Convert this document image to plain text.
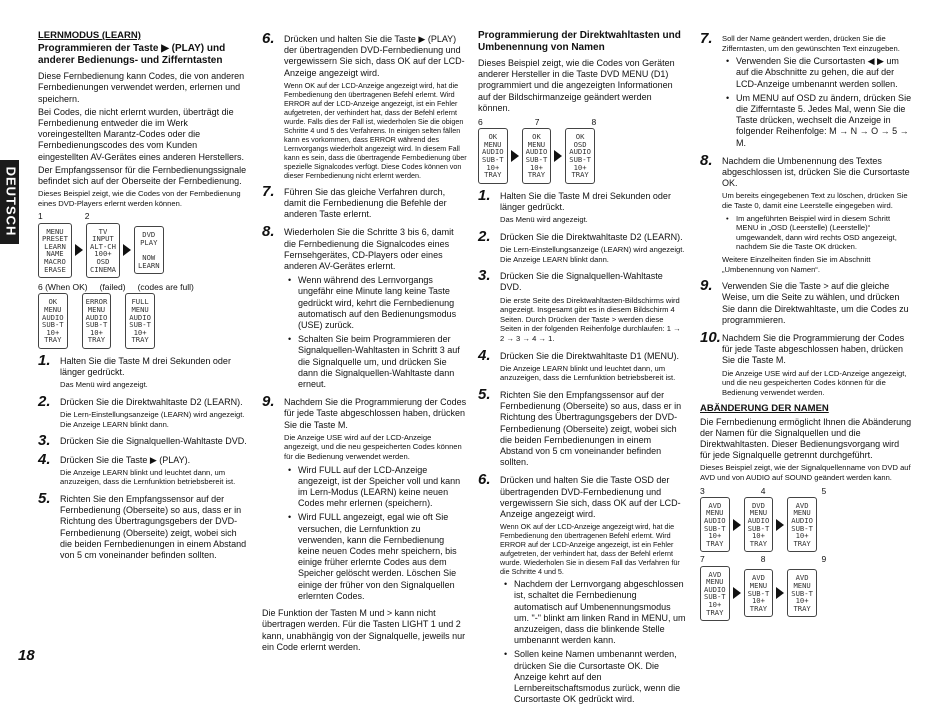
DEUTSCH
18
LERNMODUS (LEARN)
Programmieren der Taste ▶ (PLAY) und anderer Bedienungs- und Zifferntasten

Diese Fernbedienung kann Codes, die von anderen Fernbedienungen verwendet werden, erlernen und speichern.

Bei Codes, die nicht erlernt wurden, überträgt die Fernbedienung entweder die im Werk voreingestellten Marantz-Codes oder die Fernbedienungscodes des vom Kunden eingestellten AV-Gerätes eines anderen Herstellers.

Der Empfangssensor für die Fernbedienungssignale befindet sich auf der Oberseite der Fernbedienung.

Dieses Beispiel zeigt, wie die Codes von der Fernbedienung eines DVD-Players erlernt werden können.

1	2
MENU
PRESET
LEARN
NAME
MACRO
ERASE
TV
INPUT
ALT-CH
100+
OSD
CINEMA
DVD
PLAY

NOW
LEARN
6 (When OK) (failed) (codes are full)
OK
MENU
AUDIO
SUB-T
10+
TRAY
ERROR
MENU
AUDIO
SUB-T
10+
TRAY
FULL
MENU
AUDIO
SUB-T
10+
TRAY
1. Halten Sie die Taste M drei Sekunden oder länger gedrückt.

Das Menü wird angezeigt.

2. Drücken Sie die Direktwahltaste D2 (LEARN).

Die Lern-Einstellungsanzeige (LEARN) wird angezeigt. Die Anzeige LEARN blinkt dann.

3. Drücken Sie die Signalquellen-Wahltaste DVD.

4. Drücken Sie die Taste ▶ (PLAY).

Die Anzeige LEARN blinkt und leuchtet dann, um anzuzeigen, dass die Lernfunktion betriebsbereit ist.

5. Richten Sie den Empfangssensor auf der Fernbedienung (Oberseite) so aus, dass er in Richtung des Übertragungsgebers der DVD-Fernbedienung (Oberseite) zeigt, wobei sich die beiden Fernbedienungen in einem Abstand von 5 cm voneinander befinden sollten.

6. Drücken und halten Sie die Taste ▶ (PLAY) der übertragenden DVD-Fernbedienung und vergewissern Sie sich, dass OK auf der LCD-Anzeige angezeigt wird.

Wenn OK auf der LCD-Anzeige angezeigt wird, hat die Fernbedienung den übertragenen Befehl erlernt. Wird ERROR auf der LCD-Anzeige angezeigt, ist ein Fehler aufgetreten, der verhindert hat, dass der Befehl erlernt wurde. Falls dies der Fall ist, wiederholen Sie die obigen Schritte 4 und 5 des Verfahrens. In einigen selten fällen kann es vorkommen, dass ERROR während des Lernvorgangs wiederholt angezeigt wird. In diesem Fall kann es sein, dass die übertragende Fernbedienung über spezielle Signalcodes verfügt. Diese Codes können von dieser Fernbedienung nicht erlernt werden.

7. Führen Sie das gleiche Verfahren durch, damit die Fernbedienung die Befehle der anderen Taste erlernt.

8. Wiederholen Sie die Schritte 3 bis 6, damit die Fernbedienung die Signalcodes eines Fernsehgerätes, CD-Players oder eines anderen AV-Gerätes erlernt.

• Wenn während des Lernvorgangs ungefähr eine Minute lang keine Taste gedrückt wird, kehrt die Fernbedienung automatisch auf den Bedienungsmodus (USE) zurück.
• Schalten Sie beim Programmieren der Signalquellen-Wahltasten in Schritt 3 auf die Signalquelle um, und drücken Sie dann die Signalquellen-Wahltaste dann erneut.
9. Nachdem Sie die Programmierung der Codes für jede Taste abgeschlossen haben, drücken Sie die Taste M.

Die Anzeige USE wird auf der LCD-Anzeige angezeigt, und die neu gespeicherten Codes können für die Bedienung verwendet werden.

• Wird FULL auf der LCD-Anzeige angezeigt, ist der Speicher voll und kann im Lern-Modus (LEARN) keine neuen Codes mehr erlernen (speichern).
• Wird FULL angezeigt, egal wie oft Sie versuchen, die Lernfunktion zu verwenden, kann die Fernbedienung keine neuen Codes mehr speichern, bis einige früher erlernte Codes aus dem Speicher gelöscht werden. Löschen Sie einige der früher von den Signalquellen erlernten Codes.

Die Funktion der Tasten M und > kann nicht übertragen werden. Für die Tasten LIGHT 1 und 2 kann, unabhängig von der Signalquelle, jeweils nur ein Code erlernt werden.

Programmierung der Direktwahltasten und Umbenennung von Namen

Dieses Beispiel zeigt, wie die Codes von Geräten anderer Hersteller in die Taste DVD MENU (D1) programmiert und die angezeigten Informationen auf der Bildschirmanzeige geändert werden können.

6	7	8
OK
MENU
AUDIO
SUB-T
10+
TRAY
OK
MENU
AUDIO
SUB-T
10+
TRAY
OK
OSD
AUDIO
SUB-T
10+
TRAY
1. Halten Sie die Taste M drei Sekunden oder länger gedrückt.

Das Menü wird angezeigt.

2. Drücken Sie die Direktwahltaste D2 (LEARN).

Die Lern-Einstellungsanzeige (LEARN) wird angezeigt. Die Anzeige LEARN blinkt dann.

3. Drücken Sie die Signalquellen-Wahltaste DVD.

Die erste Seite des Direktwahltasten-Bildschirms wird angezeigt. Insgesamt gibt es in diesem Bildschirm 4 Seiten. Durch Drücken der Taste > werden diese Seiten in der folgenden Reihenfolge durchlaufen: 1 → 2 → 3 → 4 → 1.

4. Drücken Sie die Direktwahltaste D1 (MENU).

Die Anzeige LEARN blinkt und leuchtet dann, um anzuzeigen, dass die Lernfunktion betriebsbereit ist.

5. Richten Sie den Empfangssensor auf der Fernbedienung (Oberseite) so aus, dass er in Richtung des Übertragungsgebers der DVD-Fernbedienung (Oberseite) zeigt, wobei sich die beiden Fernbedienungen in einem Abstand von 5 cm voneinander befinden sollten.

6. Drücken und halten Sie die Taste OSD der übertragenden DVD-Fernbedienung und vergewissern Sie sich, dass OK auf der LCD-Anzeige angezeigt wird.

Wenn OK auf der LCD-Anzeige angezeigt wird, hat die Fernbedienung den übertragenen Befehl erlernt. Wird ERROR auf der LCD-Anzeige angezeigt, ist ein Fehler aufgetreten, der verhindert hat, dass der Befehl erlernt wurde. Wiederholen Sie in diesem Fall das Verfahren für die Schritte 4 und 5.

• Nachdem der Lernvorgang abgeschlossen ist, schaltet die Fernbedienung automatisch auf Umbenennungsmodus um. "-" blinkt am linken Rand in MENU, um anzuzeigen, dass die blinkende Stelle umbenannt werden kann.
• Sollen keine Namen umbenannt werden, drücken Sie die Cursortaste OK. Die Anzeige kehrt auf den Lernbereitschaftsmodus zurück, wenn die Cursortaste OK gedrückt wird.
7. Soll der Name geändert werden, drücken Sie die Zifferntasten, um den gewünschten Text einzugeben.

• Verwenden Sie die Cursortasten ◀ ▶ um auf die Abschnitte zu gehen, die auf der LCD-Anzeige umbenannt werden sollen.
• Um MENU auf OSD zu ändern, drücken Sie die Zifferntaste 5. Jedes Mal, wenn Sie die Taste drücken, wechselt die Anzeige in folgender Reihenfolge: M → N → O → 5 → M.
8. Nachdem die Umbenennung des Textes abgeschlossen ist, drücken Sie die Cursortaste OK.

Um bereits eingegebenen Text zu löschen, drücken Sie die Taste 0, damit eine Leerstelle eingegeben wird.

• Im angeführten Beispiel wird in diesem Schritt MENU in „OSD (Leerstelle) (Leerstelle)“ umgewandelt, dann wird rechts OSD angezeigt, nachdem Sie die Taste OK drücken.

Weitere Einzelheiten finden Sie im Abschnitt „Umbenennung von Namen“.

9. Verwenden Sie die Taste > auf die gleiche Weise, um die Seite zu wählen, und drücken Sie dann die Direktwahltaste, um die Codes zu programmieren.

10. Nachdem Sie die Programmierung der Codes für jede Taste abgeschlossen haben, drücken Sie die Taste M.

Die Anzeige USE wird auf der LCD-Anzeige angezeigt, und die neu gespeicherten Codes können für die Bedienung verwendet werden.

ABÄNDERUNG DER NAMEN

Die Fernbedienung ermöglicht Ihnen die Abänderung der Namen für die Signalquellen und die Direktwahltasten. Dieser Bedienungsvorgang wird für jede Signalquelle getrennt durchgeführt.

Dieses Beispiel zeigt, wie der Signalquellenname von DVD auf AVD und von AUDIO auf SOUND geändert werden kann.

3	4	5
AVD
MENU
AUDIO
SUB-T
10+
TRAY
DVD
MENU
AUDIO
SUB-T
10+
TRAY
AVD
MENU
AUDIO
SUB-T
10+
TRAY
7	8	9
AVD
MENU
AUDIO
SUB-T
10+
TRAY
AVD
MENU
SUB-T
10+
TRAY
AVD
MENU
SUB-T
10+
TRAY
